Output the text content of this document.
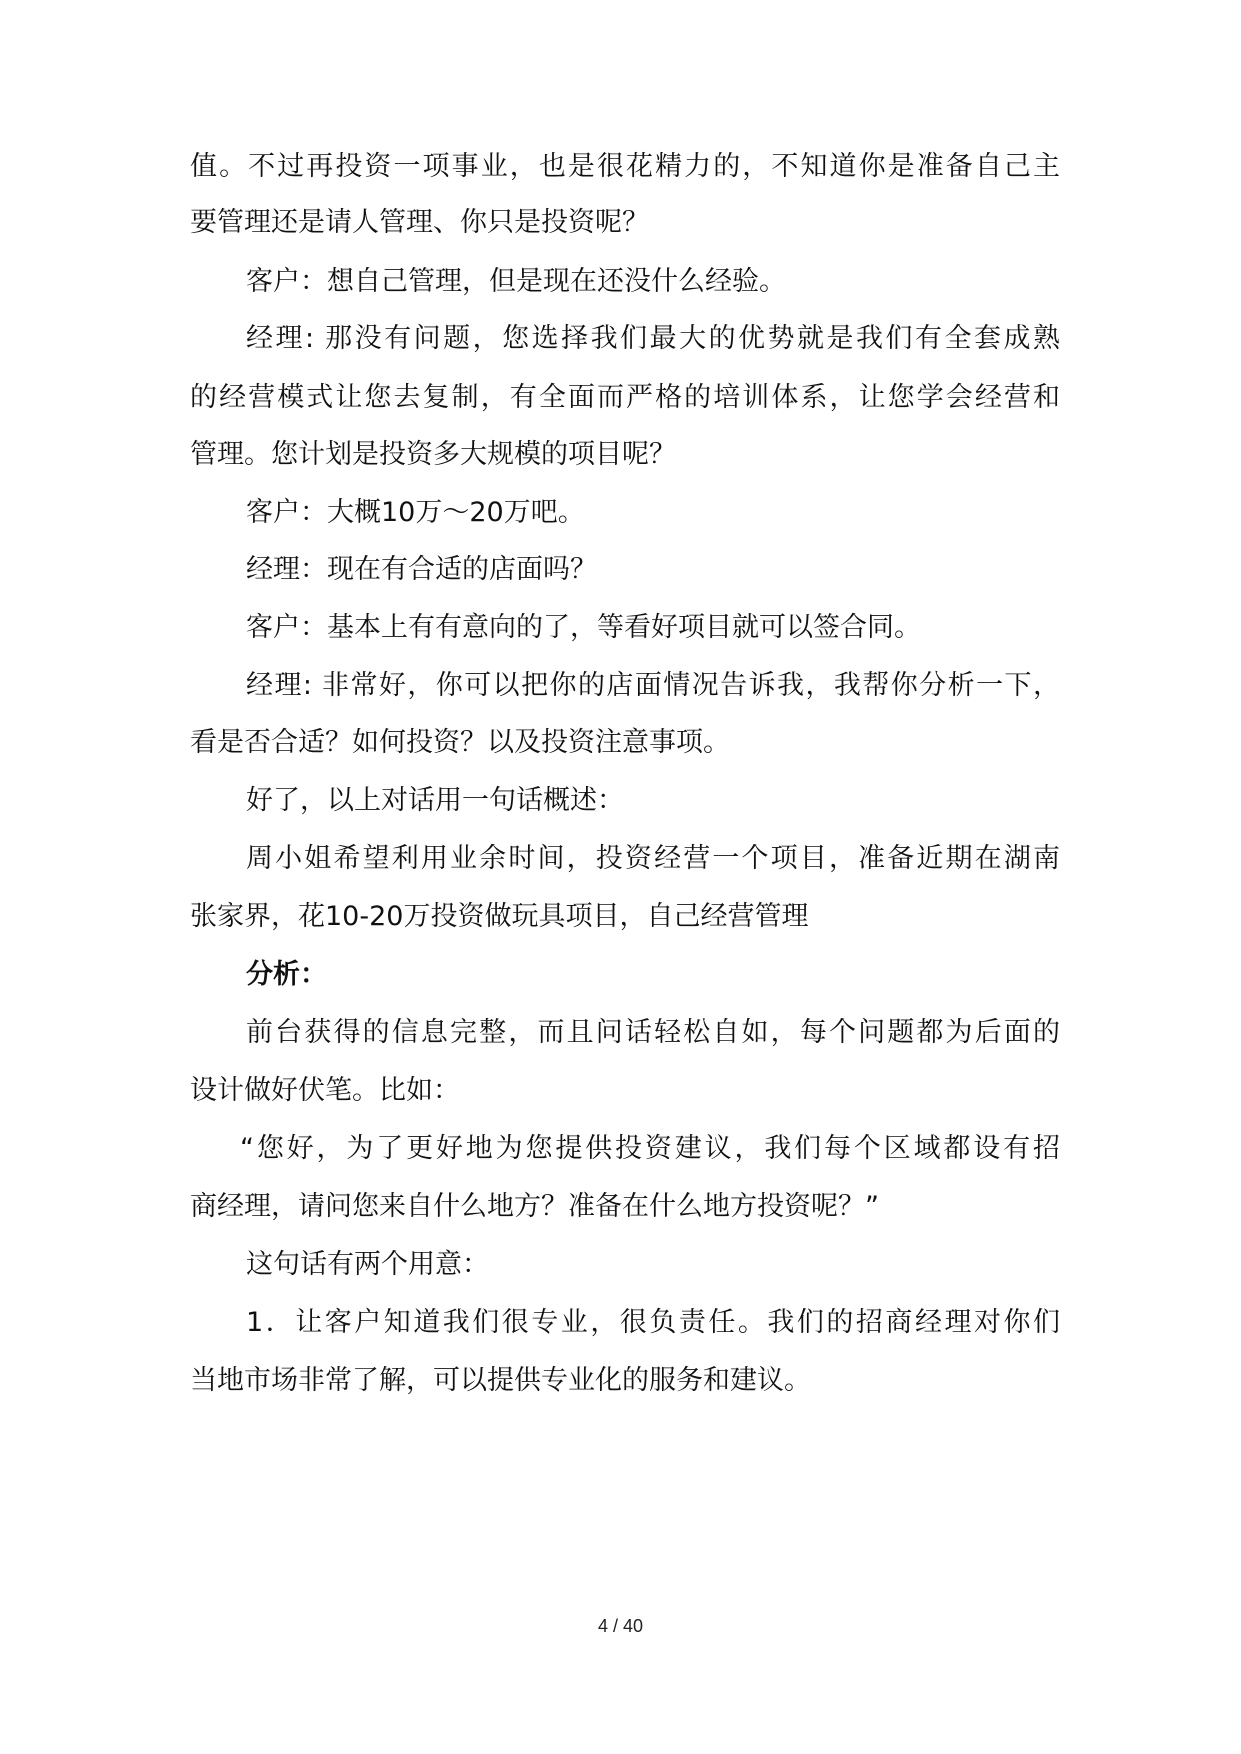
值。不过再投资一项事业，也是很花精力的，不知道你是准备自己主
要管理还是请人管理、你只是投资呢？
客户：想自己管理，但是现在还没什么经验。
经理: 那没有问题，您选择我们最大的优势就是我们有全套成熟
的经营模式让您去复制，有全面而严格的培训体系，让您学会经营和
管理。您计划是投资多大规模的项目呢？
客户：大概10万～20万吧。
经理：现在有合适的店面吗？
客户：基本上有有意向的了，等看好项目就可以签合同。
经理: 非常好，你可以把你的店面情况告诉我，我帮你分析一下，
看是否合适？如何投资？以及投资注意事项。
好了，以上对话用一句话概述：
周小姐希望利用业余时间，投资经营一个项目，准备近期在湖南
张家界，花10-20万投资做玩具项目，自己经营管理
分析：
前台获得的信息完整，而且问话轻松自如，每个问题都为后面的
设计做好伏笔。比如：
“您好，为了更好地为您提供投资建议，我们每个区域都设有招
商经理，请问您来自什么地方？准备在什么地方投资呢？”
这句话有两个用意：
1．让客户知道我们很专业，很负责任。我们的招商经理对你们
当地市场非常了解，可以提供专业化的服务和建议。
4 / 40
